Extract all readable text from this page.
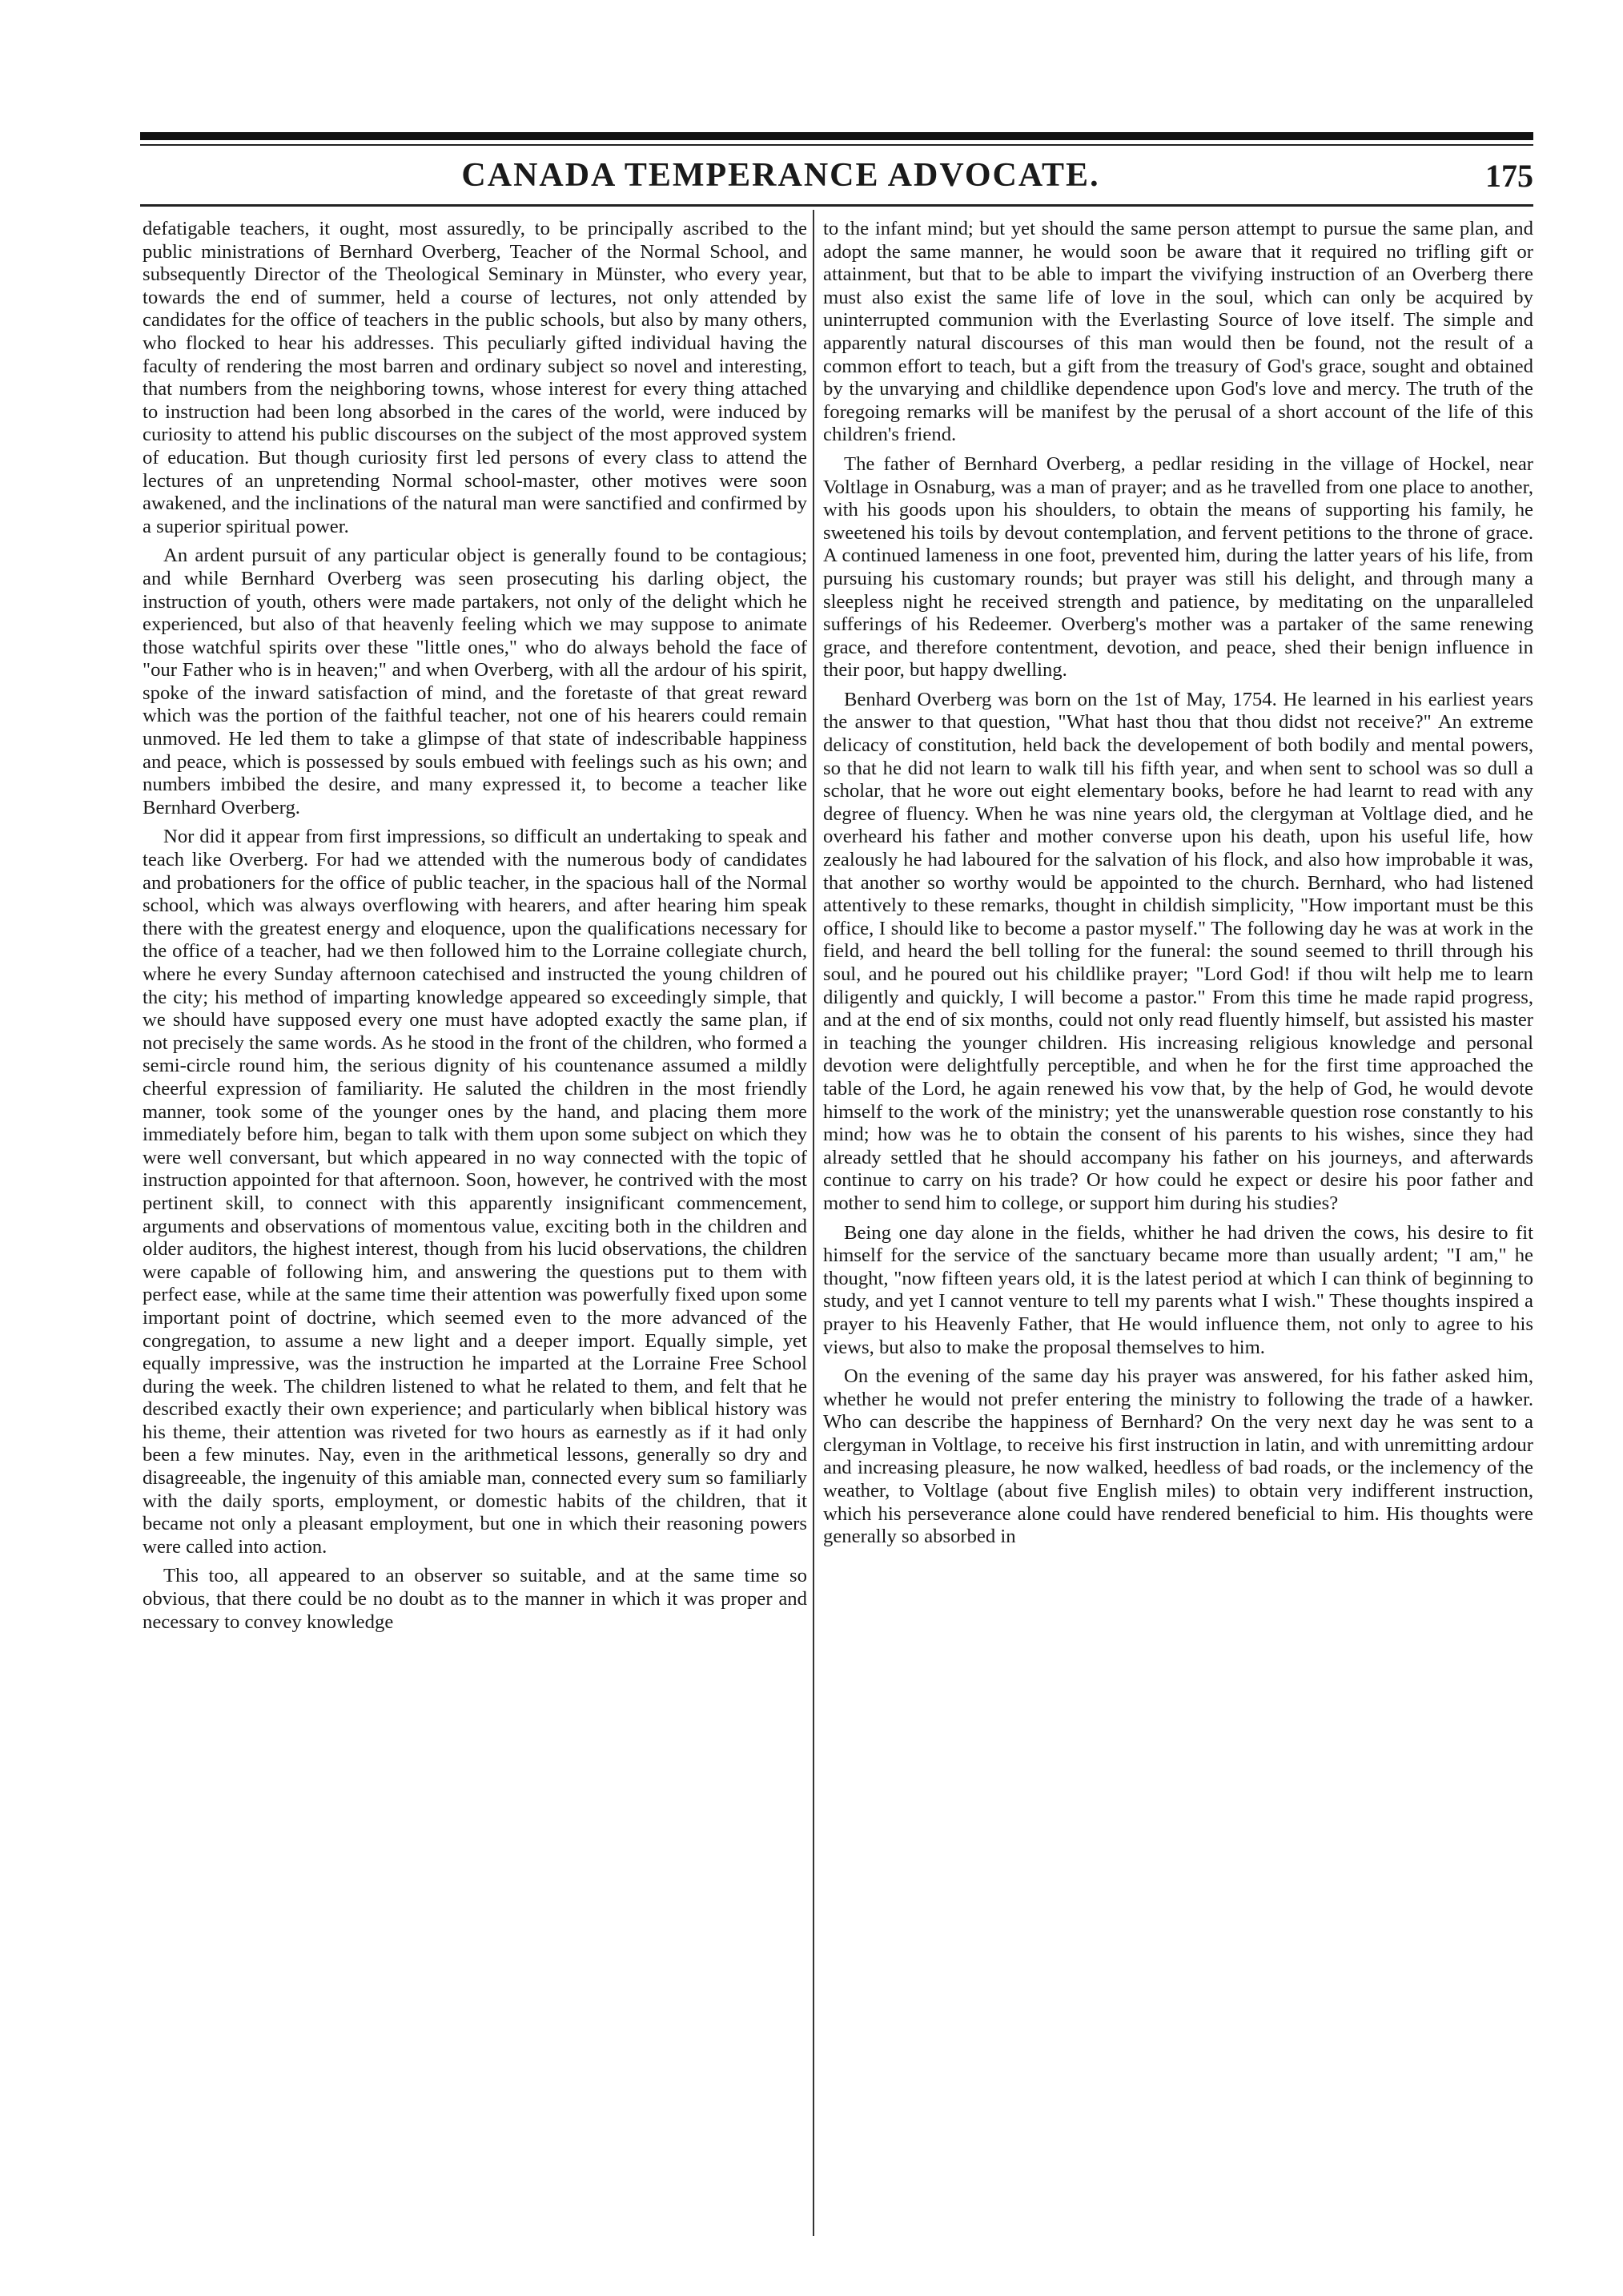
CANADA TEMPERANCE ADVOCATE.	175

defatigable teachers, it ought, most assuredly, to be principally ascribed to the public ministrations of Bernhard Overberg, Teacher of the Normal School, and subsequently Director of the Theological Seminary in Münster, who every year, towards the end of summer, held a course of lectures, not only attended by candidates for the office of teachers in the public schools, but also by many others, who flocked to hear his addresses. This peculiarly gifted individual having the faculty of rendering the most barren and ordinary subject so novel and interesting, that numbers from the neighboring towns, whose interest for every thing attached to instruction had been long absorbed in the cares of the world, were induced by curiosity to attend his public discourses on the subject of the most approved system of education. But though curiosity first led persons of every class to attend the lectures of an unpretending Normal school-master, other motives were soon awakened, and the inclinations of the natural man were sanctified and confirmed by a superior spiritual power.

An ardent pursuit of any particular object is generally found to be contagious; and while Bernhard Overberg was seen prosecuting his darling object, the instruction of youth, others were made partakers, not only of the delight which he experienced, but also of that heavenly feeling which we may suppose to animate those watchful spirits over these "little ones," who do always behold the face of "our Father who is in heaven;" and when Overberg, with all the ardour of his spirit, spoke of the inward satisfaction of mind, and the foretaste of that great reward which was the portion of the faithful teacher, not one of his hearers could remain unmoved. He led them to take a glimpse of that state of indescribable happiness and peace, which is possessed by souls embued with feelings such as his own; and numbers imbibed the desire, and many expressed it, to become a teacher like Bernhard Overberg.

Nor did it appear from first impressions, so difficult an undertaking to speak and teach like Overberg. For had we attended with the numerous body of candidates and probationers for the office of public teacher, in the spacious hall of the Normal school, which was always overflowing with hearers, and after hearing him speak there with the greatest energy and eloquence, upon the qualifications necessary for the office of a teacher, had we then followed him to the Lorraine collegiate church, where he every Sunday afternoon catechised and instructed the young children of the city; his method of imparting knowledge appeared so exceedingly simple, that we should have supposed every one must have adopted exactly the same plan, if not precisely the same words. As he stood in the front of the children, who formed a semi-circle round him, the serious dignity of his countenance assumed a mildly cheerful expression of familiarity. He saluted the children in the most friendly manner, took some of the younger ones by the hand, and placing them more immediately before him, began to talk with them upon some subject on which they were well conversant, but which appeared in no way connected with the topic of instruction appointed for that afternoon. Soon, however, he contrived with the most pertinent skill, to connect with this apparently insignificant commencement, arguments and observations of momentous value, exciting both in the children and older auditors, the highest interest, though from his lucid observations, the children were capable of following him, and answering the questions put to them with perfect ease, while at the same time their attention was powerfully fixed upon some important point of doctrine, which seemed even to the more advanced of the congregation, to assume a new light and a deeper import. Equally simple, yet equally impressive, was the instruction he imparted at the Lorraine Free School during the week. The children listened to what he related to them, and felt that he described exactly their own experience; and particularly when biblical history was his theme, their attention was riveted for two hours as earnestly as if it had only been a few minutes. Nay, even in the arithmetical lessons, generally so dry and disagreeable, the ingenuity of this amiable man, connected every sum so familiarly with the daily sports, employment, or domestic habits of the children, that it became not only a pleasant employment, but one in which their reasoning powers were called into action.

This too, all appeared to an observer so suitable, and at the same time so obvious, that there could be no doubt as to the manner in which it was proper and necessary to convey knowledge

to the infant mind; but yet should the same person attempt to pursue the same plan, and adopt the same manner, he would soon be aware that it required no trifling gift or attainment, but that to be able to impart the vivifying instruction of an Overberg there must also exist the same life of love in the soul, which can only be acquired by uninterrupted communion with the Everlasting Source of love itself. The simple and apparently natural discourses of this man would then be found, not the result of a common effort to teach, but a gift from the treasury of God's grace, sought and obtained by the unvarying and childlike dependence upon God's love and mercy. The truth of the foregoing remarks will be manifest by the perusal of a short account of the life of this children's friend.

The father of Bernhard Overberg, a pedlar residing in the village of Hockel, near Voltlage in Osnaburg, was a man of prayer; and as he travelled from one place to another, with his goods upon his shoulders, to obtain the means of supporting his family, he sweetened his toils by devout contemplation, and fervent petitions to the throne of grace. A continued lameness in one foot, prevented him, during the latter years of his life, from pursuing his customary rounds; but prayer was still his delight, and through many a sleepless night he received strength and patience, by meditating on the unparalleled sufferings of his Redeemer. Overberg's mother was a partaker of the same renewing grace, and therefore contentment, devotion, and peace, shed their benign influence in their poor, but happy dwelling.

Benhard Overberg was born on the 1st of May, 1754. He learned in his earliest years the answer to that question, "What hast thou that thou didst not receive?" An extreme delicacy of constitution, held back the developement of both bodily and mental powers, so that he did not learn to walk till his fifth year, and when sent to school was so dull a scholar, that he wore out eight elementary books, before he had learnt to read with any degree of fluency. When he was nine years old, the clergyman at Voltlage died, and he overheard his father and mother converse upon his death, upon his useful life, how zealously he had laboured for the salvation of his flock, and also how improbable it was, that another so worthy would be appointed to the church. Bernhard, who had listened attentively to these remarks, thought in childish simplicity, "How important must be this office, I should like to become a pastor myself." The following day he was at work in the field, and heard the bell tolling for the funeral: the sound seemed to thrill through his soul, and he poured out his childlike prayer; "Lord God! if thou wilt help me to learn diligently and quickly, I will become a pastor." From this time he made rapid progress, and at the end of six months, could not only read fluently himself, but assisted his master in teaching the younger children. His increasing religious knowledge and personal devotion were delightfully perceptible, and when he for the first time approached the table of the Lord, he again renewed his vow that, by the help of God, he would devote himself to the work of the ministry; yet the unanswerable question rose constantly to his mind; how was he to obtain the consent of his parents to his wishes, since they had already settled that he should accompany his father on his journeys, and afterwards continue to carry on his trade? Or how could he expect or desire his poor father and mother to send him to college, or support him during his studies?

Being one day alone in the fields, whither he had driven the cows, his desire to fit himself for the service of the sanctuary became more than usually ardent; "I am," he thought, "now fifteen years old, it is the latest period at which I can think of beginning to study, and yet I cannot venture to tell my parents what I wish." These thoughts inspired a prayer to his Heavenly Father, that He would influence them, not only to agree to his views, but also to make the proposal themselves to him.

On the evening of the same day his prayer was answered, for his father asked him, whether he would not prefer entering the ministry to following the trade of a hawker. Who can describe the happiness of Bernhard? On the very next day he was sent to a clergyman in Voltlage, to receive his first instruction in latin, and with unremitting ardour and increasing pleasure, he now walked, heedless of bad roads, or the inclemency of the weather, to Voltlage (about five English miles) to obtain very indifferent instruction, which his perseverance alone could have rendered beneficial to him. His thoughts were generally so absorbed in
